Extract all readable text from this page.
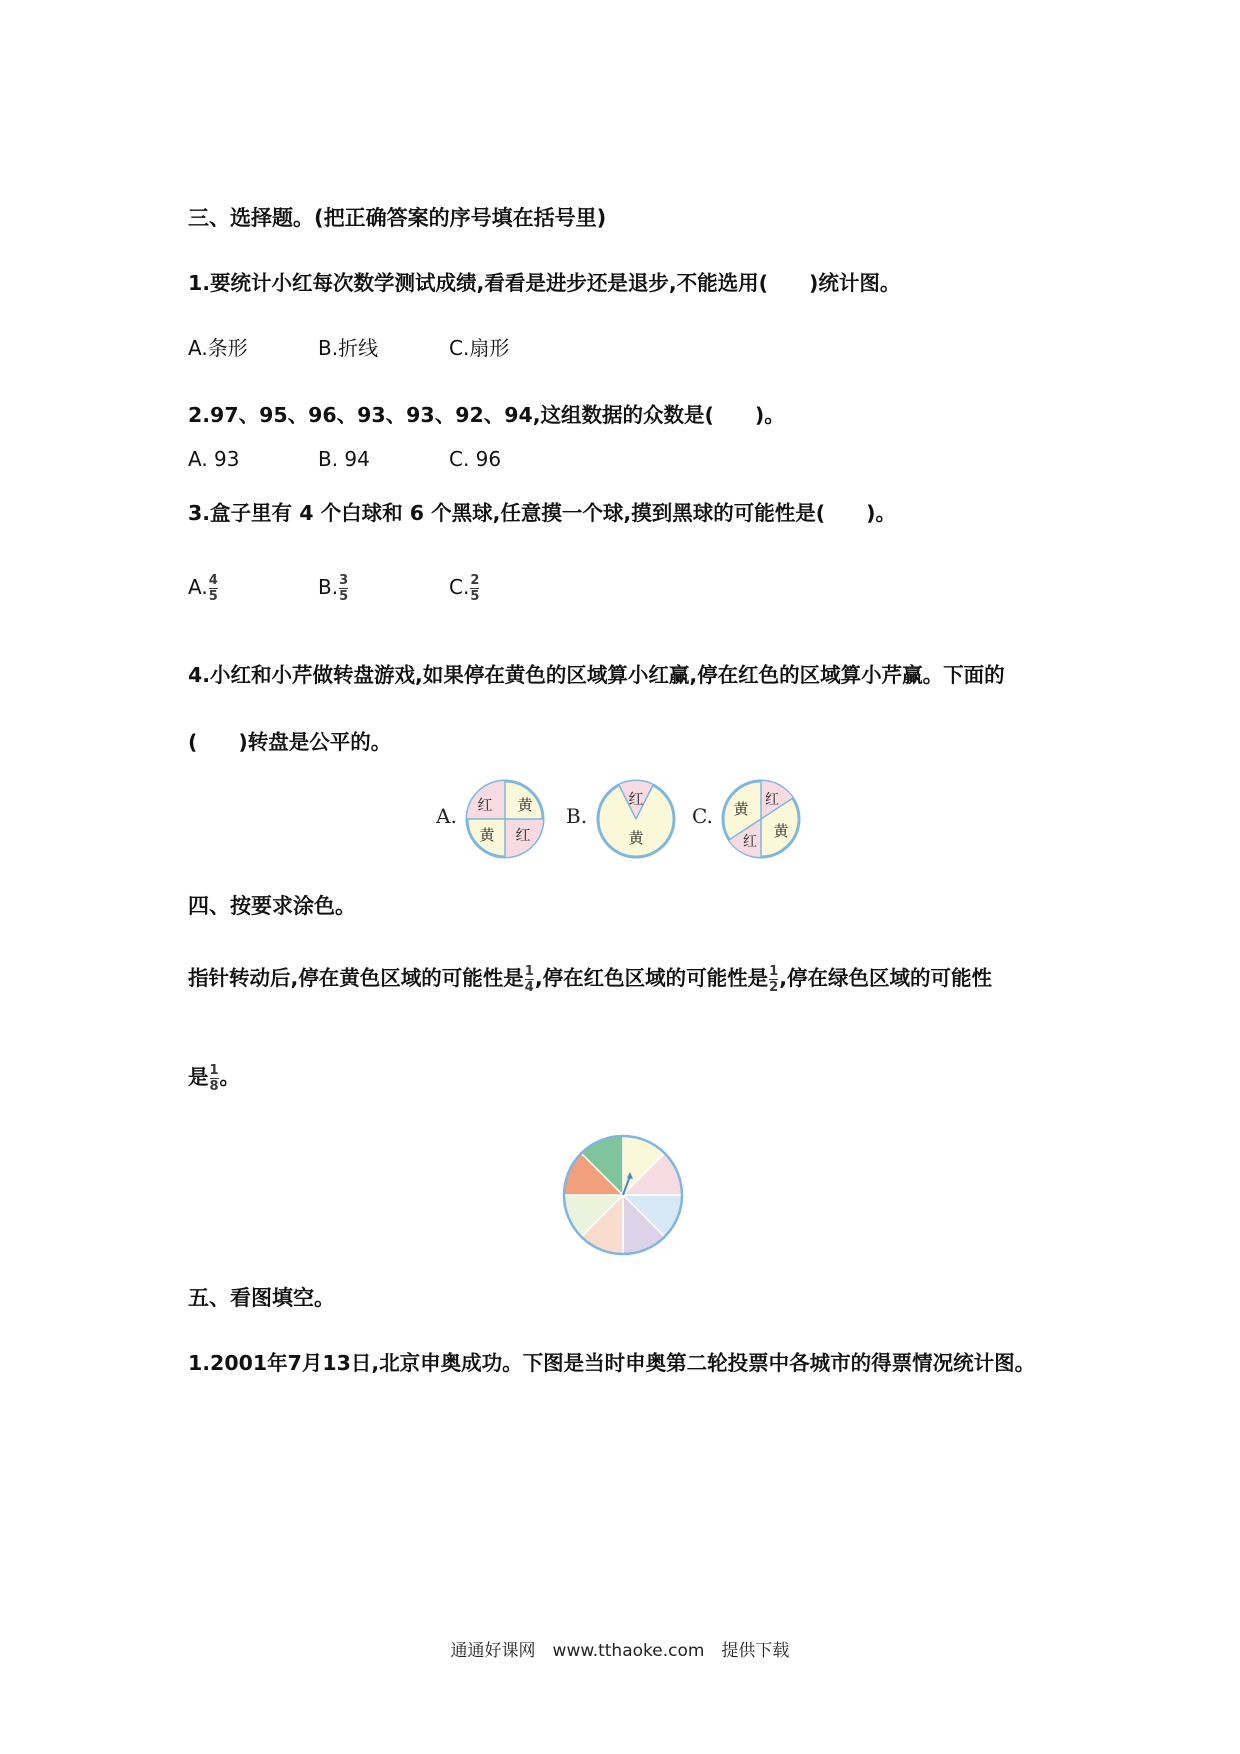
三、选择题。(把正确答案的序号填在括号里)
1.要统计小红每次数学测试成绩,看看是进步还是退步,不能选用(　　)统计图。
A.条形	B.折线	C.扇形
2.97、95、96、93、93、92、94,这组数据的众数是(　　)。
A. 93	B. 94	C. 96
3.盒子里有 4 个白球和 6 个黑球,任意摸一个球,摸到黑球的可能性是(　　)。
A. $\frac{4}{5}$	B. $\frac{3}{5}$	C. $\frac{2}{5}$
4.小红和小芹做转盘游戏,如果停在黄色的区域算小红赢,停在红色的区域算小芹赢。下面的
(　　)转盘是公平的。
A.	B.	C.
红 黄
黄 红
红
黄
黄 红
红
黄
四、按要求涂色。
指针转动后,停在黄色区域的可能性是 $\frac{1}{4}$ ,停在红色区域的可能性是 $\frac{1}{2}$ ,停在绿色区域的可能性
是 $\frac{1}{8}$ 。
五、看图填空。
1.2001年7月13日,北京申奥成功。下图是当时申奥第二轮投票中各城市的得票情况统计图。
通通好课网　www.tthaoke.com　提供下载
